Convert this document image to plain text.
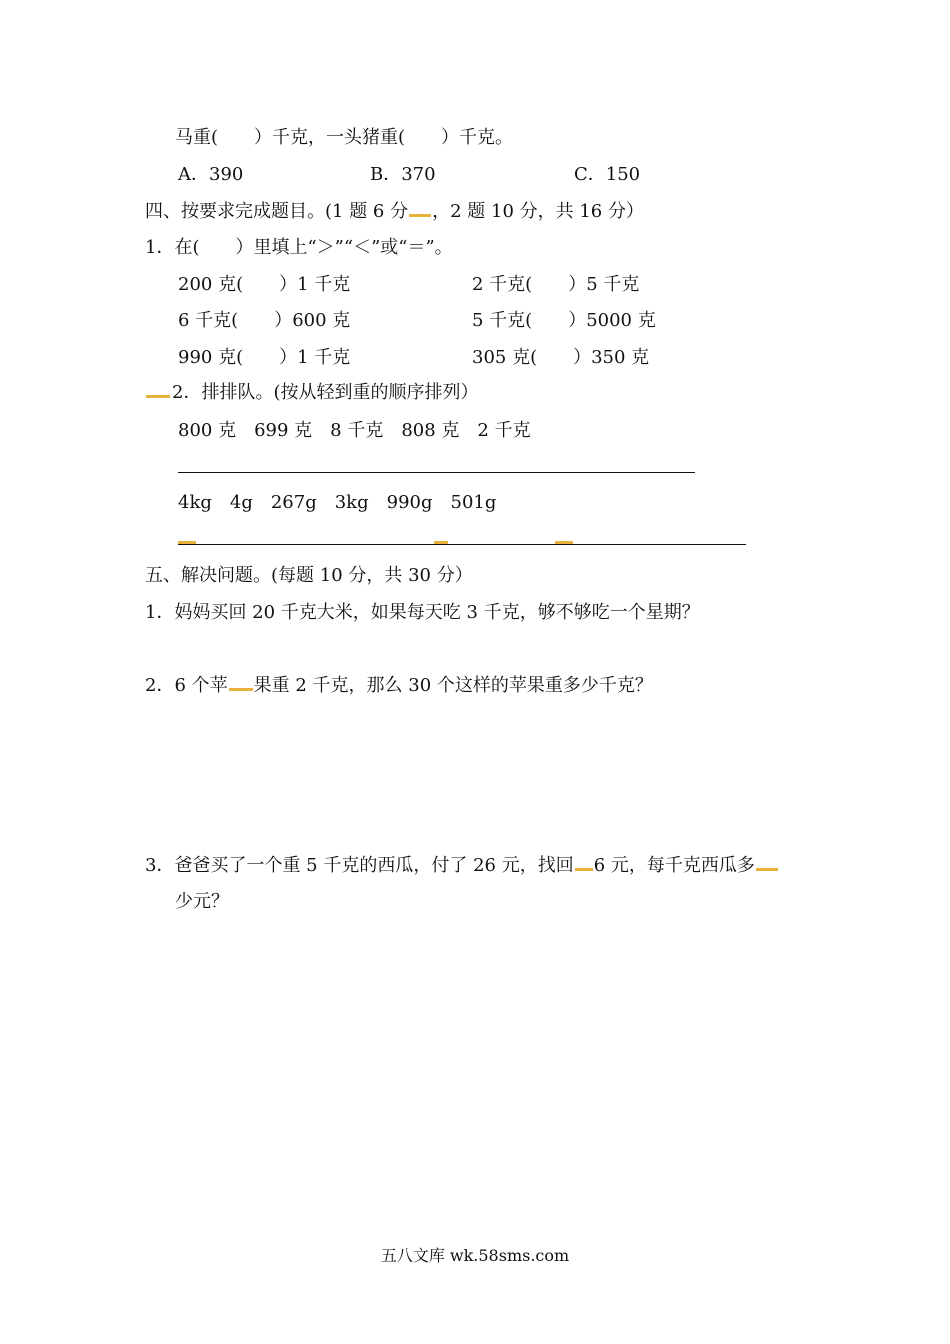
马重(　　）千克，一头猪重(　　）千克。
A．390	B．370	C．150
四、按要求完成题目。(1 题 6 分 ，2 题 10 分，共 16 分）
1．在(　　）里填上“＞”“＜”或“＝”。
200 克(　　）1 千克	2 千克(　　）5 千克
6 千克(　　）600 克	5 千克(　　）5000 克
990 克(　　）1 千克	305 克(　　）350 克
2．排排队。(按从轻到重的顺序排列）
800 克　699 克　8 千克　808 克　2 千克
4kg　4g　267g　3kg　990g　501g
五、解决问题。(每题 10 分，共 30 分）
1．妈妈买回 20 千克大米，如果每天吃 3 千克，够不够吃一个星期？
2．6 个苹 果重 2 千克，那么 30 个这样的苹果重多少千克？
3．爸爸买了一个重 5 千克的西瓜，付了 26 元，找回 6 元，每千克西瓜多
少元？
五八文库 wk.58sms.com
